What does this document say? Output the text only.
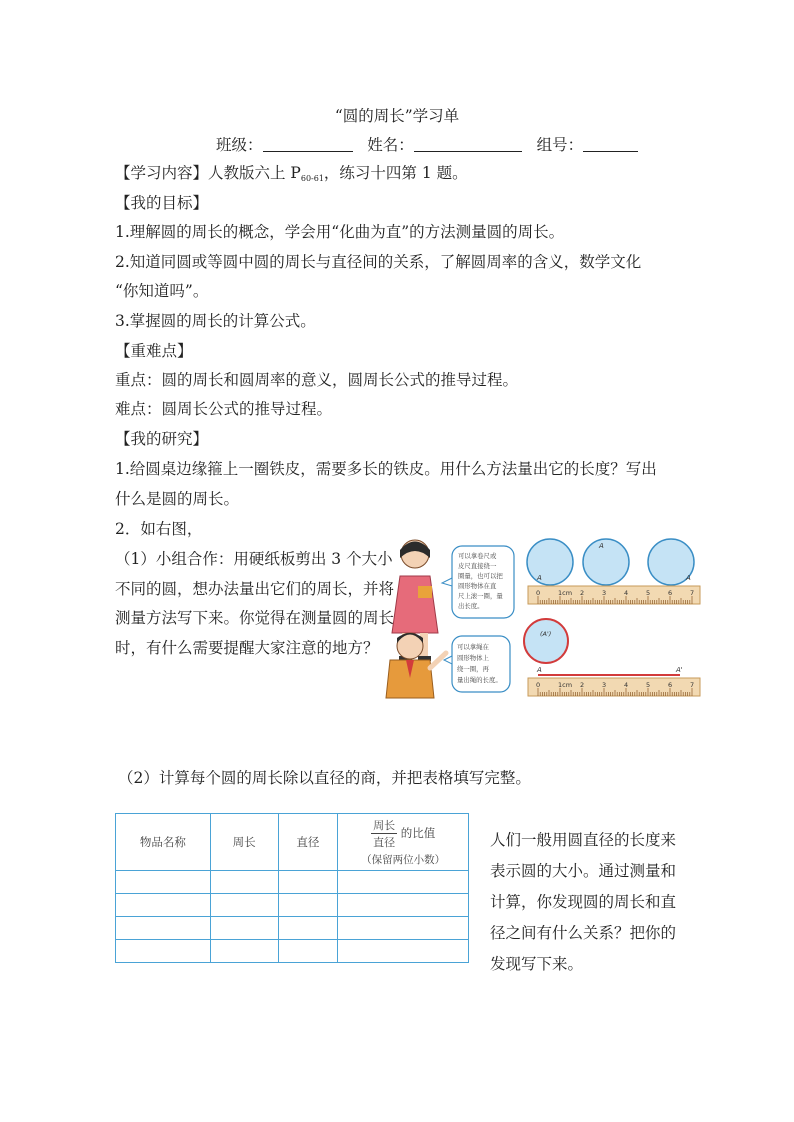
“圆的周长”学习单
班级：	姓名：	组号：
【学习内容】人教版六上 $P_{60-61}$，练习十四第 1 题。
【我的目标】
1.理解圆的周长的概念，学会用“化曲为直”的方法测量圆的周长。
2.知道同圆或等圆中圆的周长与直径间的关系，了解圆周率的含义，数学文化
“你知道吗”。
3.掌握圆的周长的计算公式。
【重难点】
重点：圆的周长和圆周率的意义，圆周长公式的推导过程。
难点：圆周长公式的推导过程。
【我的研究】
1.给圆桌边缘箍上一圈铁皮，需要多长的铁皮。用什么方法量出它的长度？写出
什么是圆的周长。
2．如右图，
（1）小组合作：用硬纸板剪出 3 个大小不同的圆，想办法量出它们的周长，并将测量方法写下来。你觉得在测量圆的周长时，有什么需要提醒大家注意的地方？
可以拿卷尺或
皮尺直接绕一
圈量，也可以把
圆形物体在直
尺上滚一圈，量
出长度。
A
A
A
0	1cm 2	3	4	5	6	7
可以拿绳在
圆形物体上
绕一圈，再
量出绳的长度。
(A')
A	A'
0	1cm 2	3	4	5	6	7
（2）计算每个圆的周长除以直径的商，并把表格填写完整。
物品名称	周长	直径	$\frac{\text{周长}}{\text{直径}}$ 的比值
（保留两位小数）

人们一般用圆直径的长度来表示圆的大小。通过测量和计算，你发现圆的周长和直径之间有什么关系？把你的发现写下来。
